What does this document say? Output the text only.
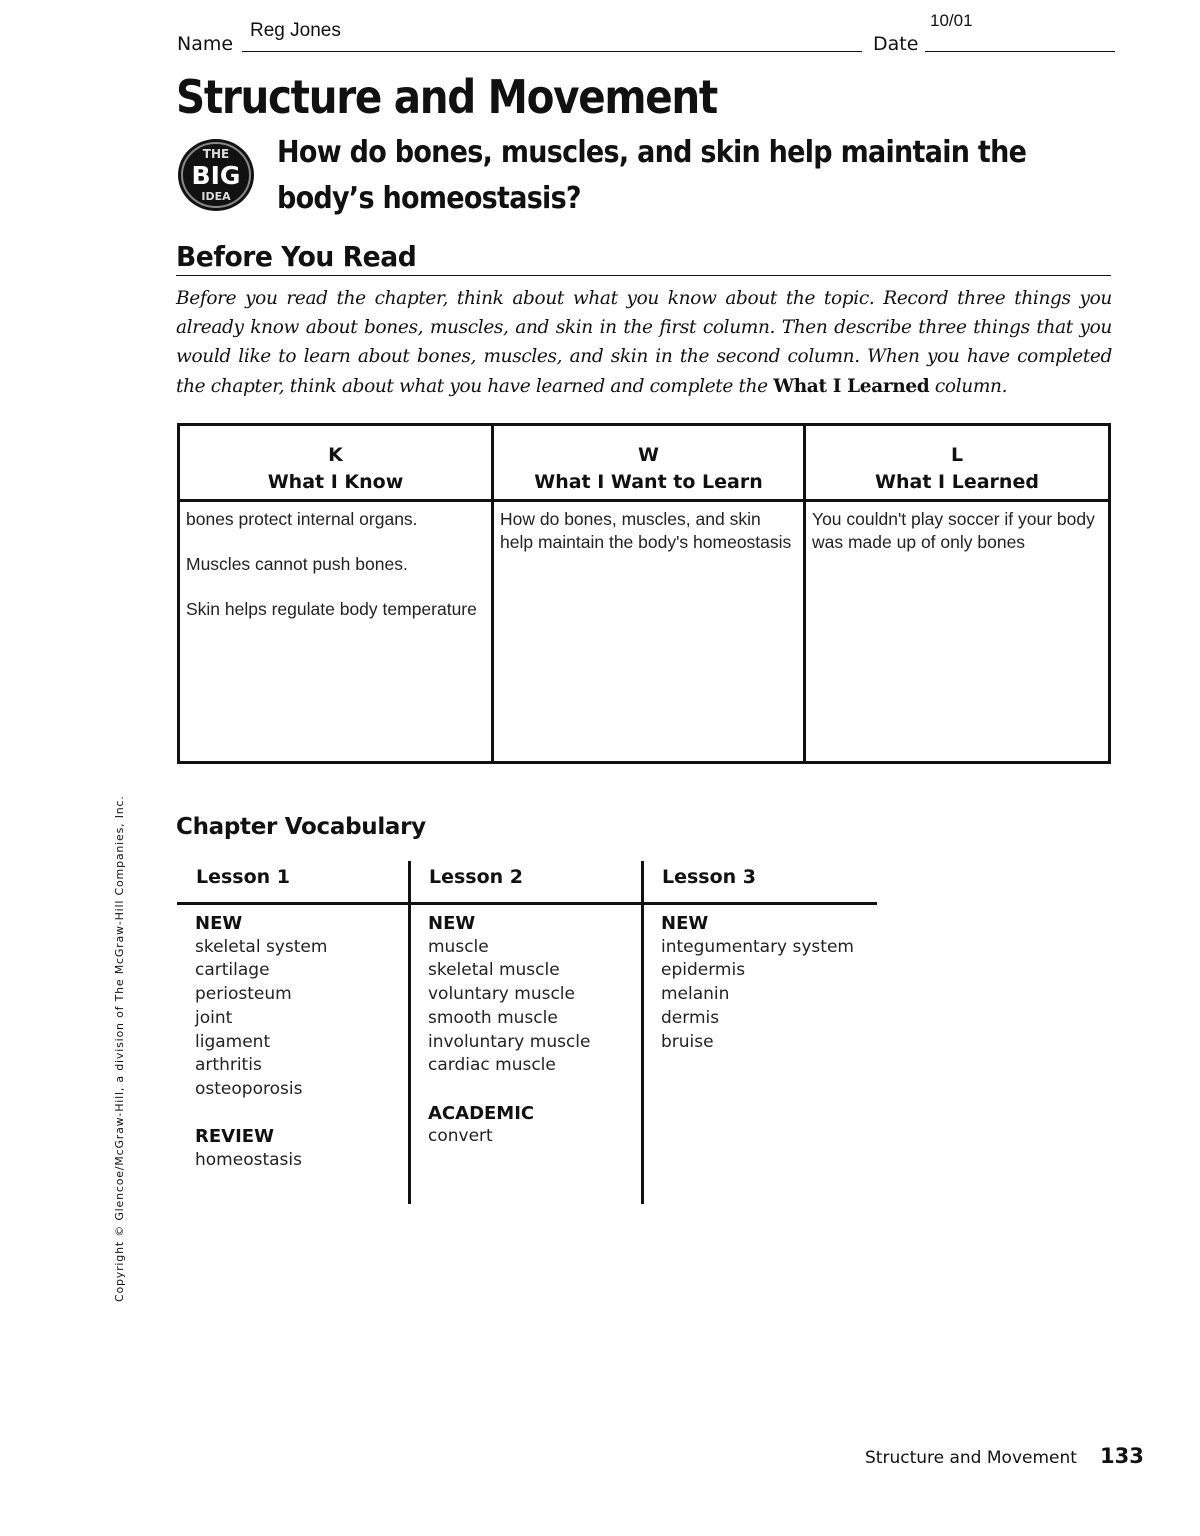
Name
Reg Jones
Date
10/01
Structure and Movement
THE
BIG
IDEA
How do bones, muscles, and skin help maintain the
body’s homeostasis?
Before You Read
Before you read the chapter, think about what you know about the topic. Record three things you already know about bones, muscles, and skin in the first column. Then describe three things that you would like to learn about bones, muscles, and skin in the second column. When you have completed the chapter, think about what you have learned and complete the What I Learned column.
K
What I Know

bones protect internal organs.

Muscles cannot push bones.

Skin helps regulate body temperature

W
What I Want to Learn

How do bones, muscles, and skin help maintain the body's homeostasis

L
What I Learned

You couldn't play soccer if your body was made up of only bones

Chapter Vocabulary
Lesson 1	Lesson 2	Lesson 3
NEW
skeletal system
cartilage
periosteum
joint
ligament
arthritis
osteoporosis
REVIEW
homeostasis
NEW
muscle
skeletal muscle
voluntary muscle
smooth muscle
involuntary muscle
cardiac muscle
ACADEMIC
convert
NEW
integumentary system
epidermis
melanin
dermis
bruise
Copyright © Glencoe/McGraw-Hill, a division of The McGraw-Hill Companies, Inc.
Structure and Movement 133
